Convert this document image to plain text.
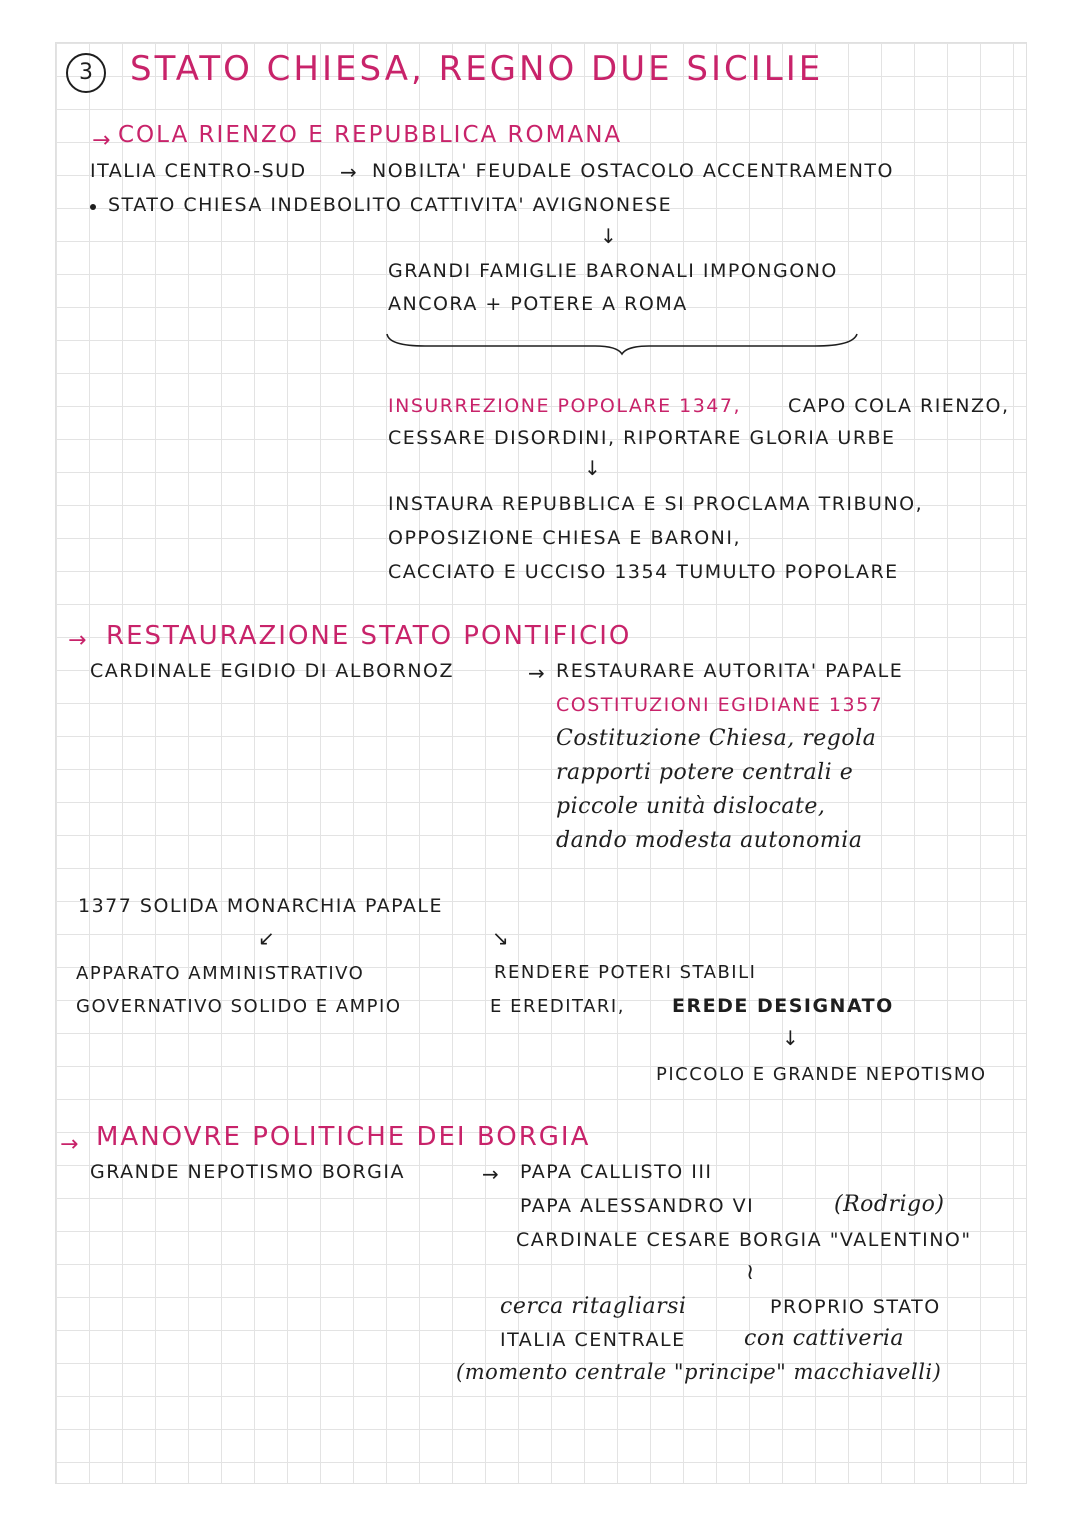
3	STATO CHIESA, REGNO DUE SICILIE
→ COLA RIENZO E REPUBBLICA ROMANA
ITALIA CENTRO-SUD → NOBILTA' FEUDALE OSTACOLO ACCENTRAMENTO
STATO CHIESA INDEBOLITO CATTIVITA' AVIGNONESE
↓
GRANDI FAMIGLIE BARONALI IMPONGONO
ANCORA + POTERE A ROMA
INSURREZIONE POPOLARE 1347, CAPO COLA RIENZO,
CESSARE DISORDINI, RIPORTARE GLORIA URBE
↓
INSTAURA REPUBBLICA E SI PROCLAMA TRIBUNO,
OPPOSIZIONE CHIESA E BARONI,
CACCIATO E UCCISO 1354 TUMULTO POPOLARE
→ RESTAURAZIONE STATO PONTIFICIO
CARDINALE EGIDIO DI ALBORNOZ	→ RESTAURARE AUTORITA' PAPALE
COSTITUZIONI EGIDIANE 1357
Costituzione Chiesa, regola
rapporti potere centrali e
piccole unità dislocate,
dando modesta autonomia
1377 SOLIDA MONARCHIA PAPALE
↙	↘
APPARATO AMMINISTRATIVO
GOVERNATIVO SOLIDO E AMPIO
RENDERE POTERI STABILI
E EREDITARI, EREDE DESIGNATO
↓
PICCOLO E GRANDE NEPOTISMO
→ MANOVRE POLITICHE DEI BORGIA
GRANDE NEPOTISMO BORGIA	→ PAPA CALLISTO III
PAPA ALESSANDRO VI	(Rodrigo)
CARDINALE CESARE BORGIA "VALENTINO"
≀
cerca ritagliarsi	PROPRIO STATO
ITALIA CENTRALE	con cattiveria
(momento centrale "principe" macchiavelli)
